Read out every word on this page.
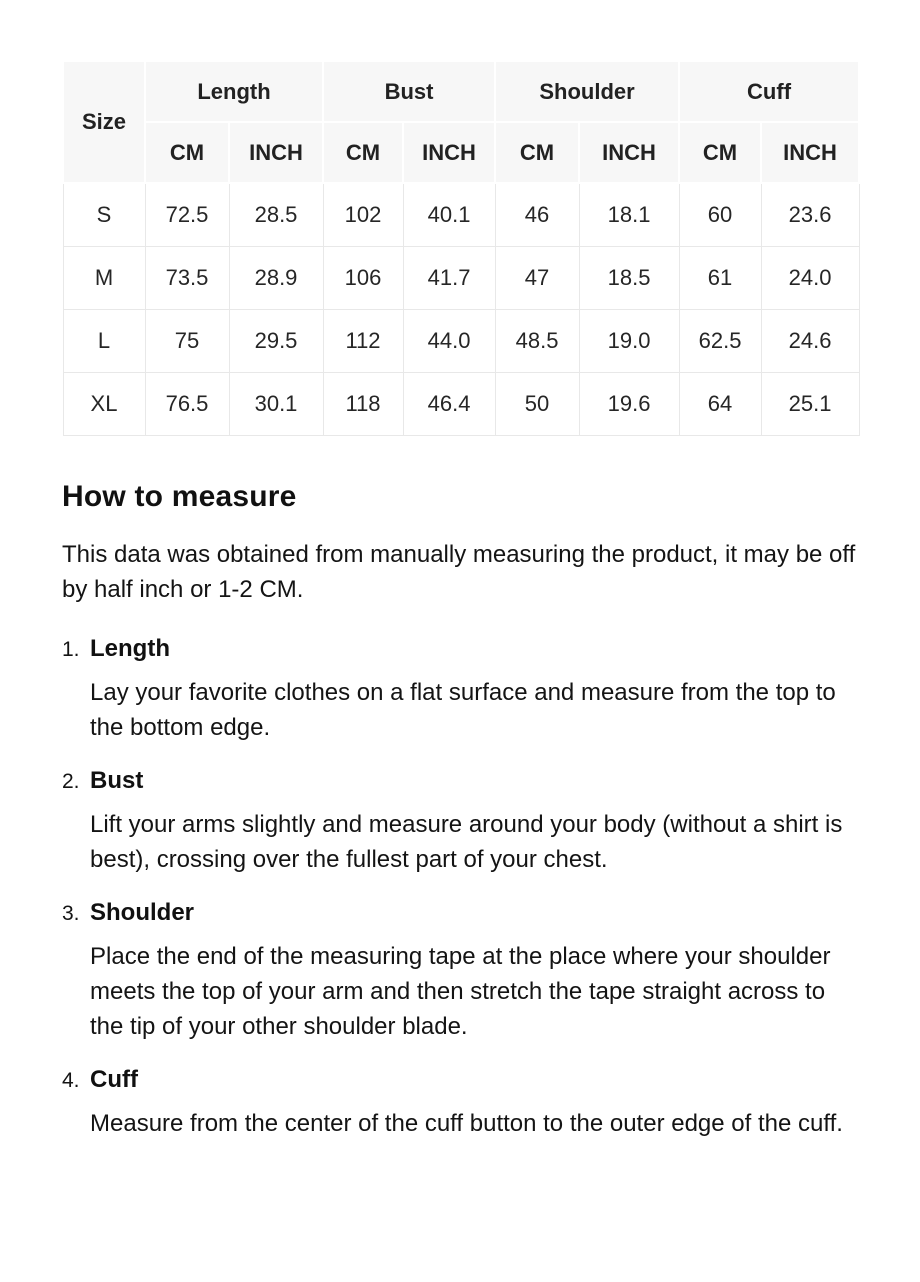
Size	Length		Bust		Shoulder		Cuff	
	CM	INCH	CM	INCH	CM	INCH	CM	INCH
S	72.5	28.5	102	40.1	46	18.1	60	23.6
M	73.5	28.9	106	41.7	47	18.5	61	24.0
L	75	29.5	112	44.0	48.5	19.0	62.5	24.6
XL	76.5	30.1	118	46.4	50	19.6	64	25.1
How to measure

This data was obtained from manually measuring the product, it may be off by half inch or 1-2 CM.

1. Length

Lay your favorite clothes on a flat surface and measure from the top to the bottom edge.

2. Bust

Lift your arms slightly and measure around your body (without a shirt is best), crossing over the fullest part of your chest.

3. Shoulder

Place the end of the measuring tape at the place where your shoulder meets the top of your arm and then stretch the tape straight across to the tip of your other shoulder blade.

4. Cuff

Measure from the center of the cuff button to the outer edge of the cuff.
